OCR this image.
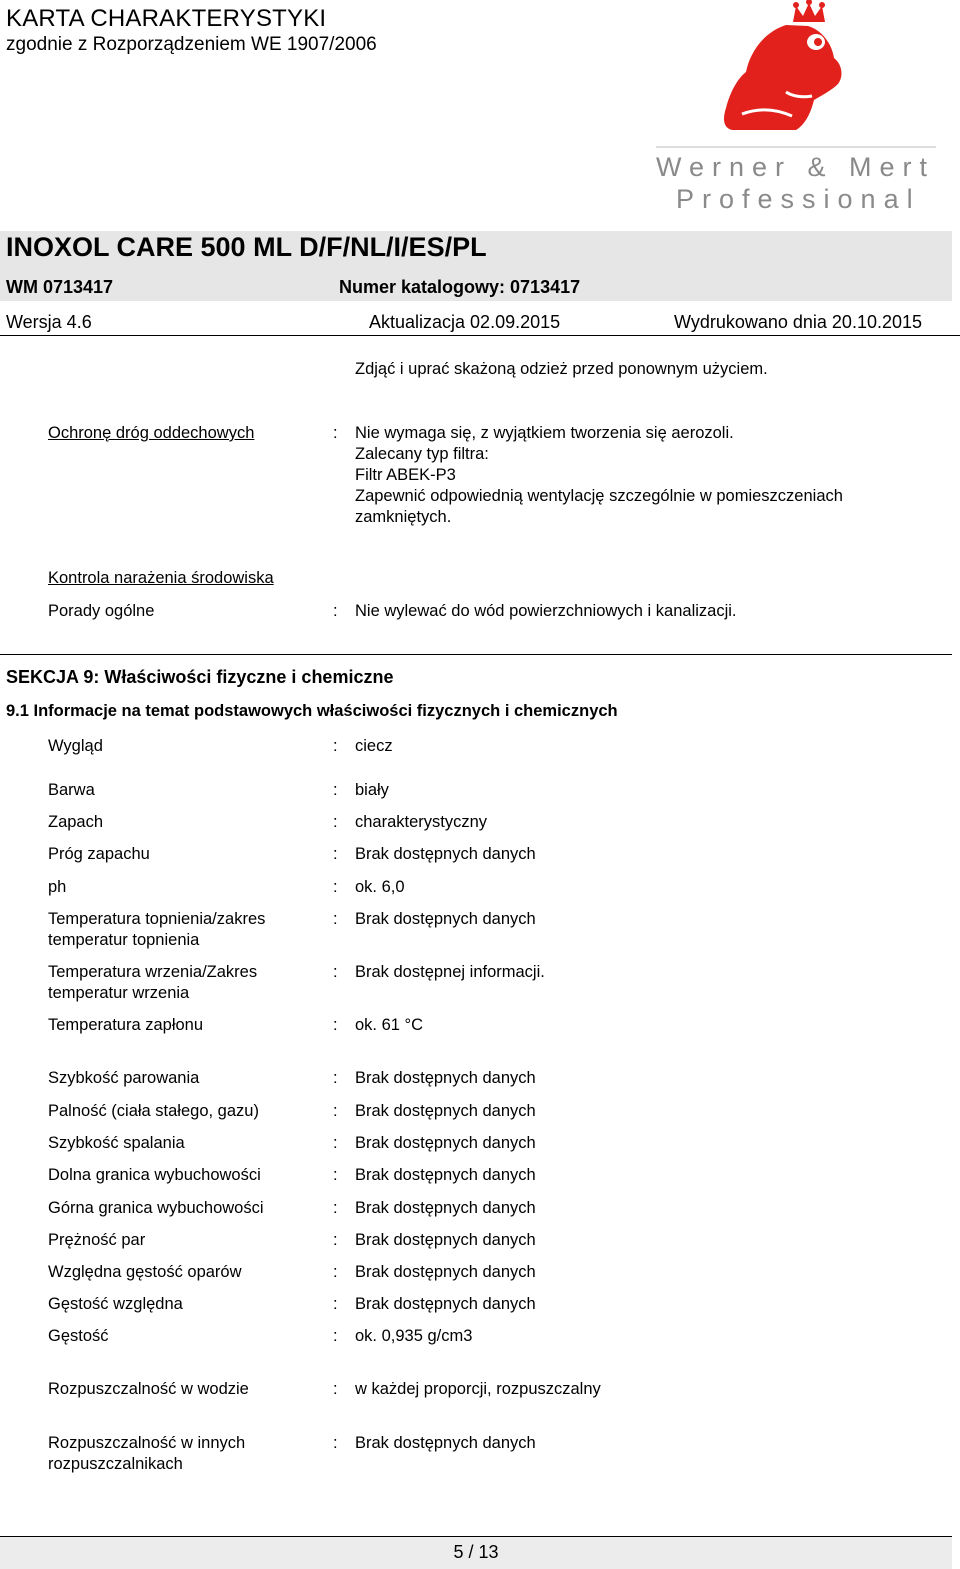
KARTA CHARAKTERYSTYKI
zgodnie z Rozporządzeniem WE 1907/2006
Werner & Mertz
Professional
INOXOL CARE 500 ML D/F/NL/I/ES/PL
WM 0713417	Numer katalogowy: 0713417
Wersja 4.6	Aktualizacja 02.09.2015	Wydrukowano dnia 20.10.2015
Zdjąć i uprać skażoną odzież przed ponownym użyciem.
Ochronę dróg oddechowych	: Nie wymaga się, z wyjątkiem tworzenia się aerozoli.
Zalecany typ filtra:
Filtr ABEK-P3
Zapewnić odpowiednią wentylację szczególnie w pomieszczeniach
zamkniętych.
Kontrola narażenia środowiska
Porady ogólne	: Nie wylewać do wód powierzchniowych i kanalizacji.
SEKCJA 9: Właściwości fizyczne i chemiczne
9.1 Informacje na temat podstawowych właściwości fizycznych i chemicznych
Wygląd	: ciecz
Barwa	: biały
Zapach	: charakterystyczny
Próg zapachu	: Brak dostępnych danych
ph	: ok. 6,0
Temperatura topnienia/zakres
temperatur topnienia
: Brak dostępnych danych
Temperatura wrzenia/Zakres
temperatur wrzenia
: Brak dostępnej informacji.
Temperatura zapłonu	: ok. 61 °C
Szybkość parowania	: Brak dostępnych danych
Palność (ciała stałego, gazu)	: Brak dostępnych danych
Szybkość spalania	: Brak dostępnych danych
Dolna granica wybuchowości	: Brak dostępnych danych
Górna granica wybuchowości	: Brak dostępnych danych
Prężność par	: Brak dostępnych danych
Względna gęstość oparów	: Brak dostępnych danych
Gęstość względna	: Brak dostępnych danych
Gęstość	: ok. 0,935 g/cm3
Rozpuszczalność w wodzie	: w każdej proporcji, rozpuszczalny
Rozpuszczalność w innych
rozpuszczalnikach
: Brak dostępnych danych
5 / 13
